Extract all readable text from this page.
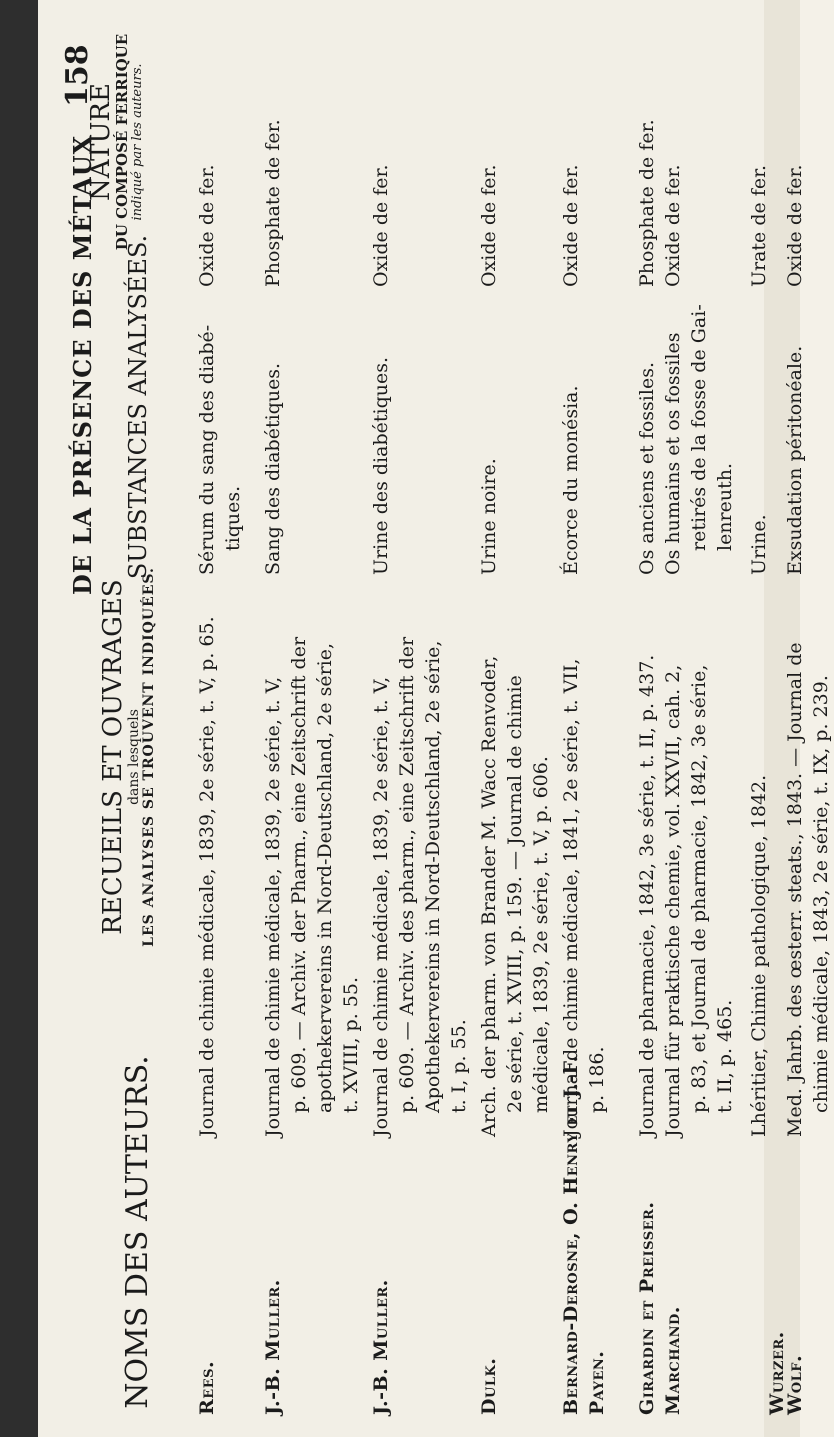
158
DE LA PRÉSENCE DES MÉTAUX
NOMS DES AUTEURS.
RECUEILS ET OUVRAGES
dans lesquels
LES ANALYSES SE TROUVENT INDIQUÉES.
SUBSTANCES ANALYSÉES.
NATURE
DU COMPOSÉ FERRIQUE
indiqué par les auteurs.
Rees.

Journal de chimie médicale, 1839, 2e série, t. V, p. 65.

Sérum du sang des diabé- tiques.

Oxide de fer.
J.-B. Muller.

Journal de chimie médicale, 1839, 2e série, t. V, p. 609. — Archiv. der Pharm., eine Zeitschrift der apothekervereins in Nord-Deutschland, 2e série, t. XVIII, p. 55.

Sang des diabétiques.

Phosphate de fer.
J.-B. Muller.

Journal de chimie médicale, 1839, 2e série, t. V, p. 609. — Archiv. des pharm., eine Zeitschrift der Apothekervereins in Nord-Deutschland, 2e série, t. I, p. 55.

Urine des diabétiques.

Oxide de fer.
Dulk.

Arch. der pharm. von Brander M. Wacc Renvoder, 2e série, t. XVIII, p. 159. — Journal de chimie médicale, 1839, 2e série, t. V, p. 606.

Urine noire.

Oxide de fer.
Bernard-Derosne, O. Henry et J.-F. Payen.

Journal de chimie médicale, 1841, 2e série, t. VII, p. 186.

Écorce du monésia.

Oxide de fer.
Girardin et Preisser.

Journal de pharmacie, 1842, 3e série, t. II, p. 437.

Os anciens et fossiles.

Phosphate de fer.
Marchand.

Journal für praktische chemie, vol. XXVII, cah. 2, p. 83, et Journal de pharmacie, 1842, 3e série, t. II, p. 465.

Os humains et os fossiles retirés de la fosse de Gai- lenreuth.

Oxide de fer.

Lhéritier, Chimie pathologique, 1842.

Urine.

Urate de fer.
Wurzer.
Wolf.

Med. Jahrb. des œsterr. steats., 1843. — Journal de chimie médicale, 1843, 2e série, t. IX, p. 239.

Exsudation péritonéale.

Oxide de fer.
